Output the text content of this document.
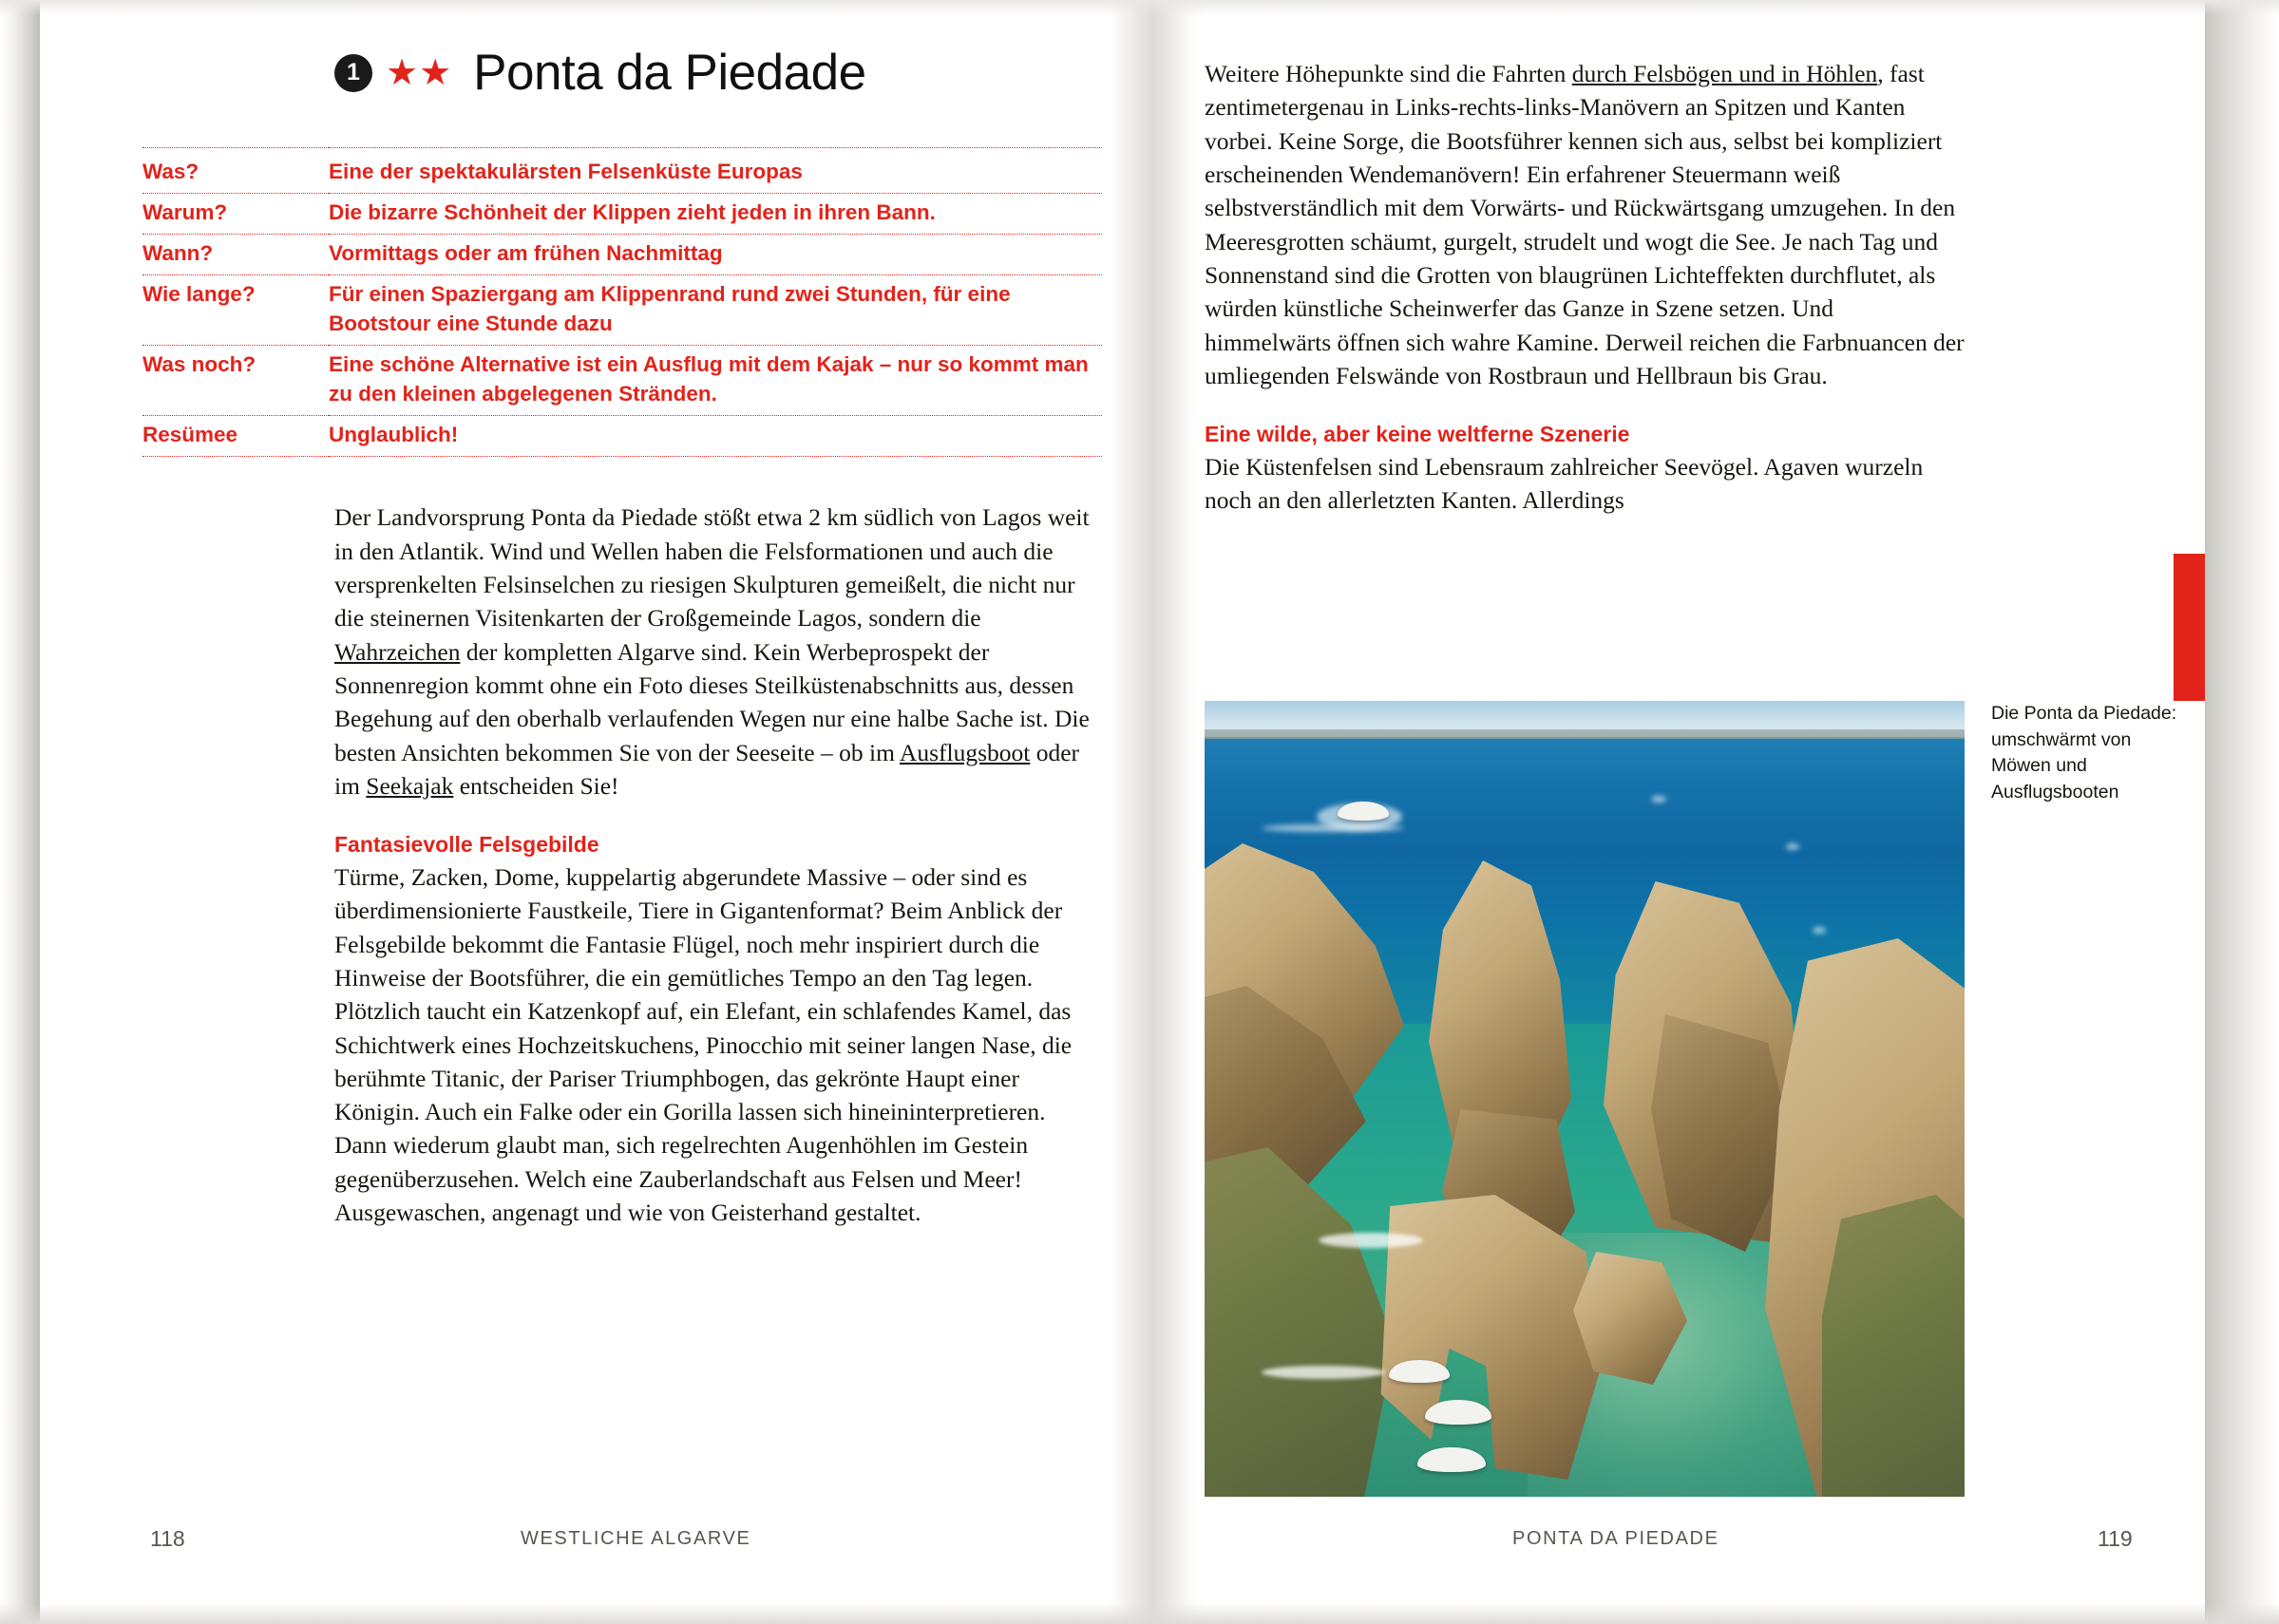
1 ★★ Ponta da Piedade
Was?	Eine der spektakulärsten Felsenküste Europas
Warum?	Die bizarre Schönheit der Klippen zieht jeden in ihren Bann.
Wann?	Vormittags oder am frühen Nachmittag
Wie lange?	Für einen Spaziergang am Klippenrand rund zwei Stunden, für eine Bootstour eine Stunde dazu
Was noch?	Eine schöne Alternative ist ein Ausflug mit dem Kajak – nur so kommt man zu den kleinen abgelegenen Stränden.
Resümee	Unglaublich!

Der Landvorsprung Ponta da Piedade stößt etwa 2 km südlich von Lagos weit in den Atlantik. Wind und Wellen haben die Felsformationen und auch die versprenkelten Felsinselchen zu riesigen Skulpturen gemeißelt, die nicht nur die steinernen Visitenkarten der Großgemeinde Lagos, sondern die Wahrzeichen der kompletten Algarve sind. Kein Werbeprospekt der Sonnenregion kommt ohne ein Foto dieses Steilküstenabschnitts aus, dessen Begehung auf den oberhalb verlaufenden Wegen nur eine halbe Sache ist. Die besten Ansichten bekommen Sie von der Seeseite – ob im Ausflugsboot oder im Seekajak entscheiden Sie!

Fantasievolle Felsgebilde

Türme, Zacken, Dome, kuppelartig abgerundete Massive – oder sind es überdimensionierte Faustkeile, Tiere in Gigantenformat? Beim Anblick der Felsgebilde bekommt die Fantasie Flügel, noch mehr inspiriert durch die Hinweise der Bootsführer, die ein gemütliches Tempo an den Tag legen. Plötzlich taucht ein Katzenkopf auf, ein Elefant, ein schlafendes Kamel, das Schichtwerk eines Hochzeitskuchens, Pinocchio mit seiner langen Nase, die berühmte Titanic, der Pariser Triumphbogen, das gekrönte Haupt einer Königin. Auch ein Falke oder ein Gorilla lassen sich hineininterpretieren. Dann wiederum glaubt man, sich regelrechten Augenhöhlen im Gestein gegenüberzusehen. Welch eine Zauberlandschaft aus Felsen und Meer! Ausgewaschen, angenagt und wie von Geisterhand gestaltet.

Weitere Höhepunkte sind die Fahrten durch Felsbögen und in Höhlen, fast zentimetergenau in Links-rechts-links-Manövern an Spitzen und Kanten vorbei. Keine Sorge, die Bootsführer kennen sich aus, selbst bei kompliziert erscheinenden Wendemanövern! Ein erfahrener Steuermann weiß selbstverständlich mit dem Vorwärts- und Rückwärtsgang umzugehen. In den Meeresgrotten schäumt, gurgelt, strudelt und wogt die See. Je nach Tag und Sonnenstand sind die Grotten von blaugrünen Lichteffekten durchflutet, als würden künstliche Scheinwerfer das Ganze in Szene setzen. Und himmelwärts öffnen sich wahre Kamine. Derweil reichen die Farbnuancen der umliegenden Felswände von Rostbraun und Hellbraun bis Grau.

Eine wilde, aber keine weltferne Szenerie

Die Küstenfelsen sind Lebensraum zahlreicher Seevögel. Agaven wurzeln noch an den allerletzten Kanten. Allerdings

Die Ponta da Piedade: umschwärmt von Möwen und Ausflugsbooten
118	WESTLICHE ALGARVE	PONTA DA PIEDADE	119
